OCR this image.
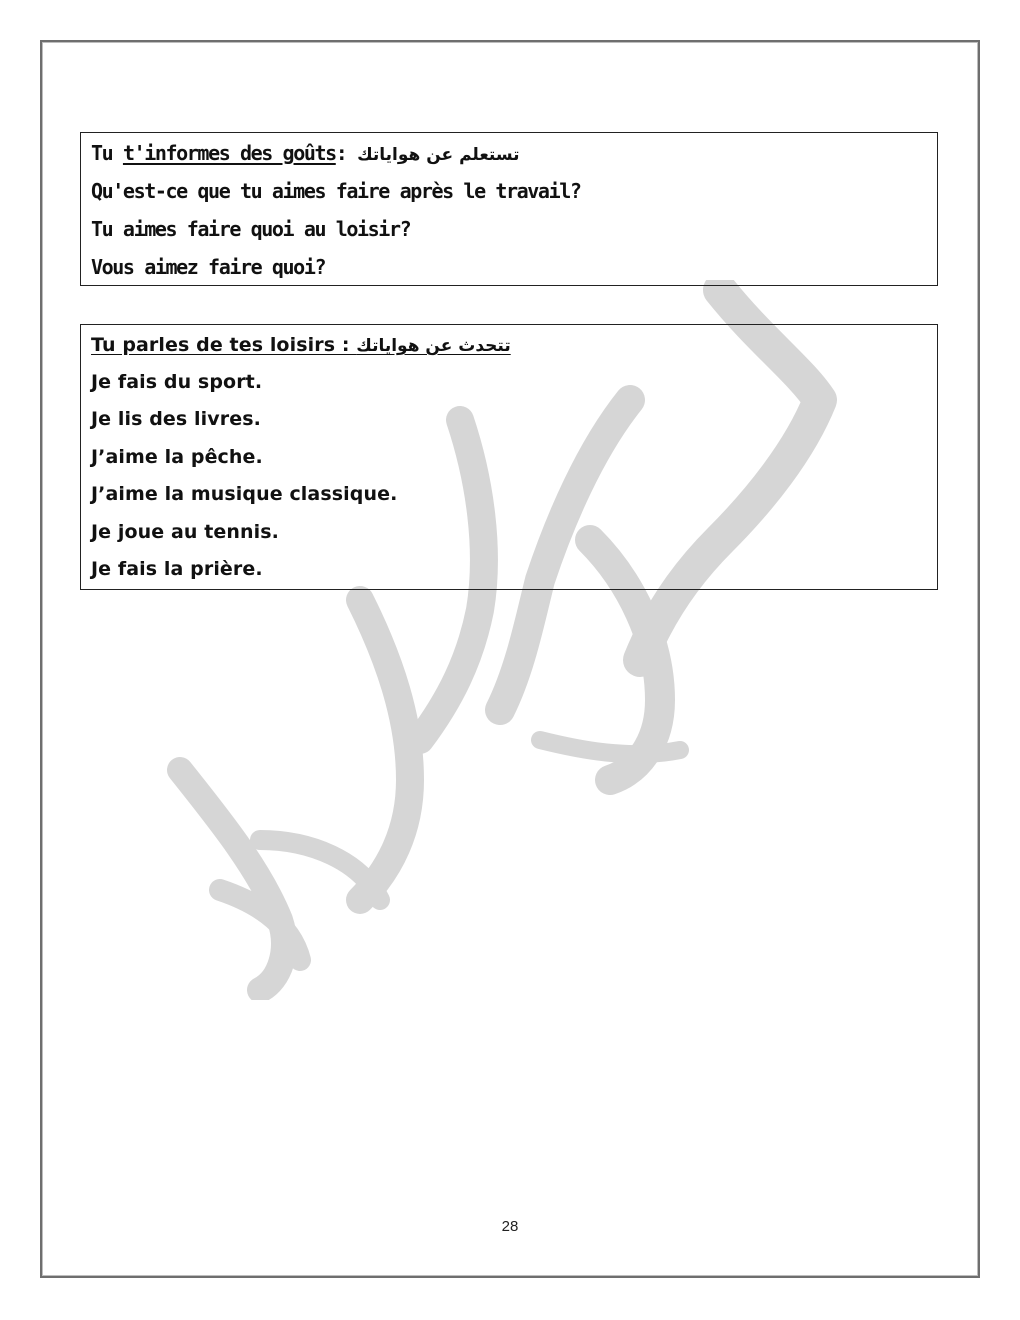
Tu t'informes des goûts: تستعلم عن هواياتك
Qu'est-ce que tu aimes faire après le travail?
Tu aimes faire quoi au loisir?
Vous aimez faire quoi?
Tu parles de tes loisirs : تتحدث عن هواياتك
Je fais du sport.
Je lis des livres.
J’aime la pêche.
J’aime la musique classique.
Je joue au tennis.
Je fais la prière.
28
